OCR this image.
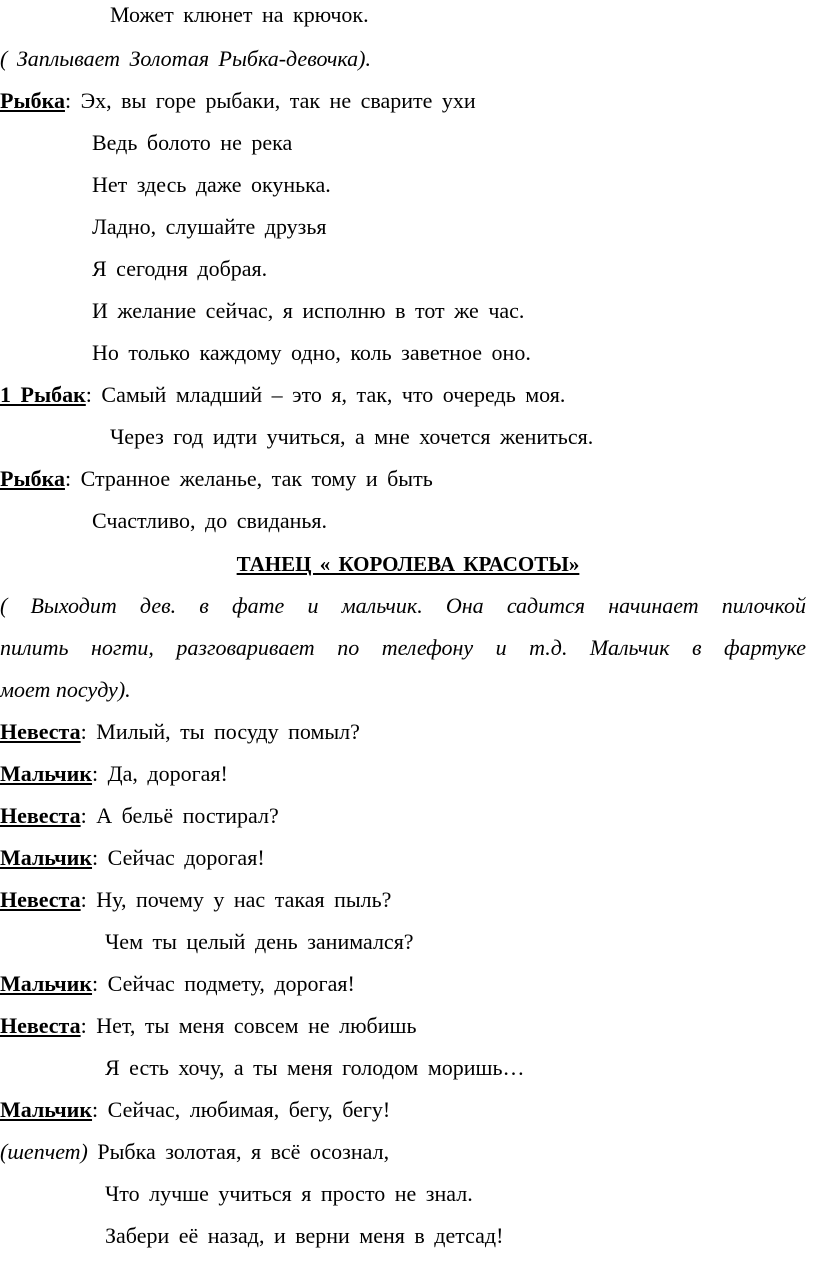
Может клюнет на крючок.
( Заплывает Золотая Рыбка-девочка).
Рыбка: Эх, вы горе рыбаки, так не сварите ухи
Ведь болото не река
Нет здесь даже окунька.
Ладно, слушайте друзья
Я сегодня добрая.
И желание сейчас, я исполню в тот же час.
Но только каждому одно, коль заветное оно.
1 Рыбак: Самый младший – это я, так, что очередь моя.
Через год идти учиться, а мне хочется жениться.
Рыбка: Странное желанье, так тому и быть
Счастливо, до свиданья.
ТАНЕЦ « КОРОЛЕВА КРАСОТЫ»
( Выходит дев. в фате и мальчик. Она садится начинает пилочкой
пилить ногти, разговаривает по телефону и т.д. Мальчик в фартуке
моет посуду).
Невеста: Милый, ты посуду помыл?
Мальчик: Да, дорогая!
Невеста: А бельё постирал?
Мальчик: Сейчас дорогая!
Невеста: Ну, почему у нас такая пыль?
Чем ты целый день занимался?
Мальчик: Сейчас подмету, дорогая!
Невеста: Нет, ты меня совсем не любишь
Я есть хочу, а ты меня голодом моришь…
Мальчик: Сейчас, любимая, бегу, бегу!
(шепчет) Рыбка золотая, я всё осознал,
Что лучше учиться я просто не знал.
Забери её назад, и верни меня в детсад!
